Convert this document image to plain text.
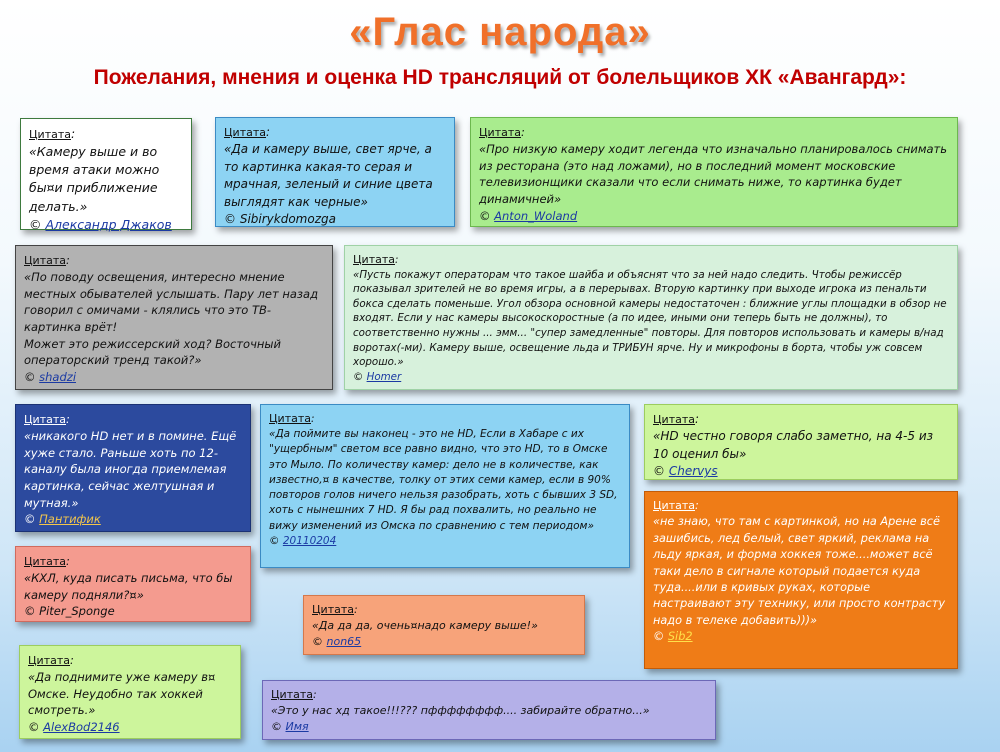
«Глас народа»
Пожелания, мнения и оценка HD трансляций от болельщиков ХК «Авангард»:
Цитата:
«Камеру выше и во время атаки можно бы¤и приближение делать.»
© Александр Джаков
Цитата:
«Да и камеру выше, свет ярче, а то картинка какая-то серая и мрачная, зеленый и синие цвета выглядят как черные»
© Sibirykdomozga
Цитата:
«Про низкую камеру ходит легенда что изначально планировалось снимать из ресторана (это над ложами), но в последний момент московские телевизионщики сказали что если снимать ниже, то картинка будет динамичней»
© Anton_Woland
Цитата:
«По поводу освещения, интересно мнение местных обывателей услышать. Пару лет назад говорил с омичами - клялись что это ТВ-картинка врёт!
Может это режиссерский ход? Восточный операторский тренд такой?»
© shadzi
Цитата:
«Пусть покажут операторам что такое шайба и объяснят что за ней надо следить. Чтобы режиссёр показывал зрителей не во время игры, а в перерывах. Вторую картинку при выходе игрока из пенальти бокса сделать поменьше. Угол обзора основной камеры недостаточен : ближние углы площадки в обзор не входят. Если у нас камеры высокоскоростные (а по идее, иными они теперь быть не должны), то соответственно нужны ... эмм... "супер замедленные" повторы. Для повторов использовать и камеры в/над воротах(-ми). Камеру выше, освещение льда и ТРИБУН ярче. Ну и микрофоны в борта, чтобы уж совсем хорошо.»
© Homer
Цитата:
«никакого HD нет и в помине. Ещё хуже стало. Раньше хоть по 12-каналу была иногда приемлемая картинка, сейчас желтушная и мутная.»
© Пантифик
Цитата:
«Да поймите вы наконец - это не HD, Если в Хабаре с их "ущербным" светом все равно видно, что это HD, то в Омске это Мыло. По количеству камер: дело не в количестве, как известно,¤ в качестве, толку от этих семи камер, если в 90% повторов голов ничего нельзя разобрать, хоть с бывших 3 SD, хоть с нынешних 7 HD. Я бы рад похвалить, но реально не вижу изменений из Омска по сравнению с тем периодом»
© 20110204
Цитата:
«HD честно говоря слабо заметно, на 4-5 из 10 оценил бы»
© Chervys
Цитата:
«не знаю, что там с картинкой, но на Арене всё зашибись, лед белый, свет яркий, реклама на льду яркая, и форма хоккея тоже....может всё таки дело в сигнале который подается куда туда....или в кривых руках, которые настраивают эту технику, или просто контрасту надо в телеке добавить)))»
© Sib2
Цитата:
«КХЛ, куда писать письма, что бы камеру подняли?¤»
© Piter_Sponge	Цитата:
«Да да да, очень¤надо камеру выше!»
© non65
Цитата:
«Да поднимите уже камеру в¤ Омске. Неудобно так хоккей смотреть.»
© AlexBod2146
Цитата:
«Это у нас хд такое!!!??? пфффффффф.... забирайте обратно...»
© Имя
